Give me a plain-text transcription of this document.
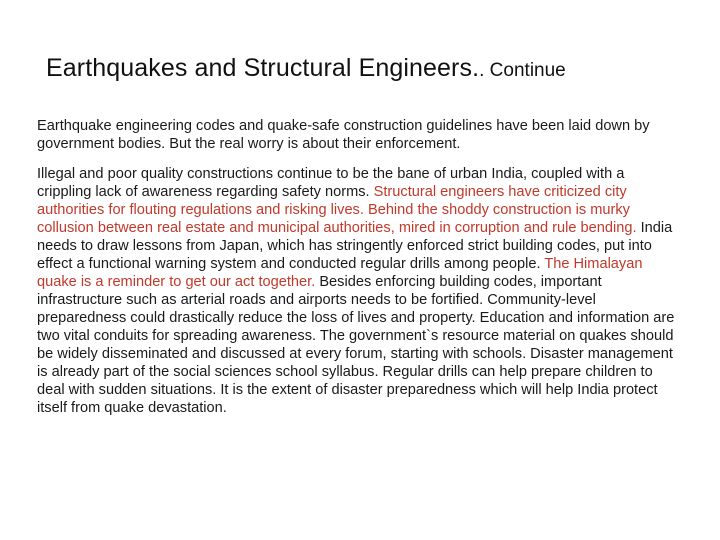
Earthquakes and Structural Engineers.. Continue

Earthquake engineering codes and quake-safe construction guidelines have been laid down by government bodies. But the real worry is about their enforcement.

Illegal and poor quality constructions continue to be the bane of urban India, coupled with a crippling lack of awareness regarding safety norms. Structural engineers have criticized city authorities for flouting regulations and risking lives. Behind the shoddy construction is murky collusion between real estate and municipal authorities, mired in corruption and rule bending. India needs to draw lessons from Japan, which has stringently enforced strict building codes, put into effect a functional warning system and conducted regular drills among people. The Himalayan quake is a reminder to get our act together. Besides enforcing building codes, important infrastructure such as arterial roads and airports needs to be fortified. Community-level preparedness could drastically reduce the loss of lives and property. Education and information are two vital conduits for spreading awareness. The government`s resource material on quakes should be widely disseminated and discussed at every forum, starting with schools. Disaster management is already part of the social sciences school syllabus. Regular drills can help prepare children to deal with sudden situations. It is the extent of disaster preparedness which will help India protect itself from quake devastation.
